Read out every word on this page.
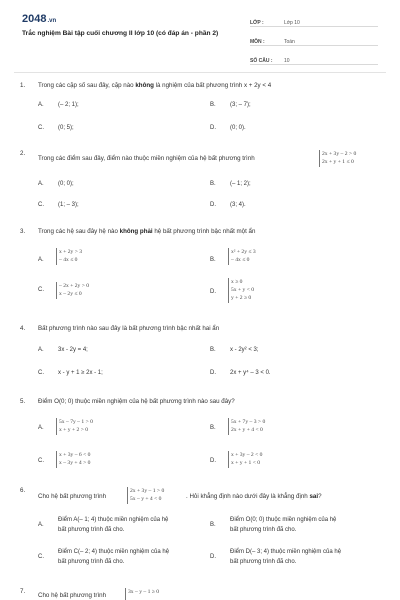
2048.vn
Trắc nghiệm Bài tập cuối chương II lớp 10 (có đáp án - phần 2)
LỚP :	Lớp 10
MÔN :	Toán
SỐ CÂU :	10
1. Trong các cặp số sau đây, cặp nào không là nghiệm của bất phương trình x + 2y < 4
A. (– 2; 1);	B. (3; – 7);
C. (0; 5);	D. (0; 0).
2.
Trong các điểm sau đây, điểm nào thuộc miền nghiệm của hệ bất phương trình
2x + 3y – 2 > 0
2x + y + 1 ≤ 0
A. (0; 0);	B. (– 1; 2);
C. (1; – 3);	D. (3; 4).
3. Trong các hệ sau đây hệ nào không phải hệ bất phương trình bậc nhất một ẩn
A.
x + 2y > 3
– 4x ≤ 0	B.
x² + 2y ≤ 3
– 4x ≤ 0
C.
– 2x + 2y > 0
x – 2y ≤ 0	D.
x ≥ 0
5x + y < 0
y + 2 ≥ 0
4. Bất phương trình nào sau đây là bất phương trình bậc nhất hai ẩn
A. 3x - 2y = 4;	B. x - 2y² < 3;
C. x - y + 1 ≥ 2x - 1;	D. 2x + y⁴ – 3 < 0.
5. Điểm O(0; 0) thuộc miền nghiệm của hệ bất phương trình nào sau đây?
A.
5x – 7y – 1 > 0
x + y + 2 > 0	B.
5x + 7y – 3 > 0
2x + y + 4 < 0
C.
x + 3y – 6 < 0
x – 3y + 4 > 0	D.
x + 3y – 2 < 0
x + y + 1 < 0
6.
Cho hệ bất phương trình
2x + 3y – 1 > 0
5x – y + 4 < 0	. Hỏi khẳng định nào dưới đây là khẳng định sai?
A.
Điểm A(– 1; 4) thuộc miền nghiệm của hệ
bất phương trình đã cho.
B.
Điểm O(0; 0) thuộc miền nghiệm của hệ
bất phương trình đã cho.
C.
Điểm C(– 2; 4) thuộc miền nghiệm của hệ
bất phương trình đã cho.
D.
Điểm D(– 3; 4) thuộc miền nghiệm của hệ
bất phương trình đã cho.
7.
Cho hệ bất phương trình	3x – y – 1 ≥ 0
